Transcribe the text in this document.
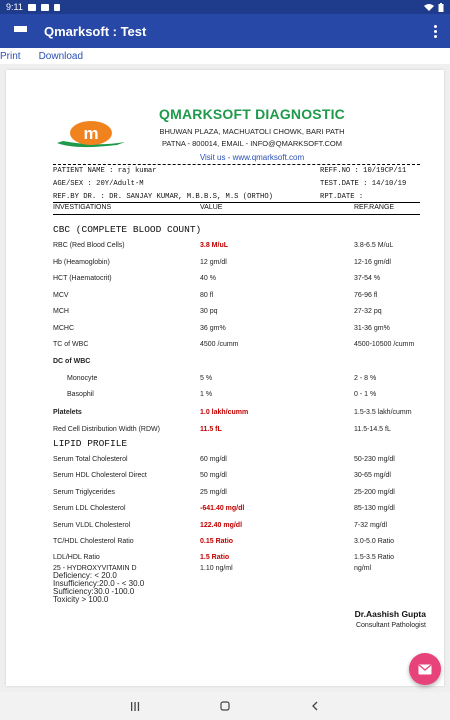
9:11
Qmarksoft : Test
Print Download
m
QMARKSOFT DIAGNOSTIC
BHUWAN PLAZA, MACHUATOLI CHOWK, BARI PATH
PATNA - 800014, EMAIL - INFO@QMARKSOFT.COM
Visit us - www.qmarksoft.com
PATIENT NAME : raj kumar	REFF.NO : 10/19CP/11
AGE/SEX : 20Y/Adult-M	TEST.DATE : 14/10/19
REF.BY DR. : DR. SANJAY KUMAR, M.B.B.S, M.S (ORTHO)	RPT.DATE :
INVESTIGATIONS	VALUE	REF.RANGE
CBC (COMPLETE BLOOD COUNT)
RBC (Red Blood Cells)	3.8 M/uL	3.8-6.5 M/uL
Hb (Heamoglobin)	12 gm/dl	12-16 gm/dl
HCT (Haematocrit)	40 %	37-54 %
MCV	80 fl	76-96 fl
MCH	30 pq	27-32 pq
MCHC	36 gm%	31-36 gm%
TC of WBC	4500 /cumm	4500-10500 /cumm
DC of WBC
Monocyte	5 %	2 - 8 %
Basophil	1 %	0 - 1 %
Platelets	1.0 lakh/cumm	1.5-3.5 lakh/cumm
Red Cell Distribution Width (RDW)	11.5 fL	11.5-14.5 fL
LIPID PROFILE
Serum Total Cholesterol	60 mg/dl	50-230 mg/dl
Serum HDL Cholesterol Direct	50 mg/dl	30-65 mg/dl
Serum Triglycerides	25 mg/dl	25-200 mg/dl
Serum LDL Cholesterol	-641.40 mg/dl	85-130 mg/dl
Serum VLDL Cholesterol	122.40 mg/dl	7-32 mg/dl
TC/HDL Cholesterol Ratio	0.15 Ratio	3.0-5.0 Ratio
LDL/HDL Ratio	1.5 Ratio	1.5-3.5 Ratio
25 - HYDROXYVITAMIN D	1.10 ng/ml	ng/ml
Deficiency: < 20.0
Insufficiency:20.0 - < 30.0
Sufficiency:30.0 -100.0
Toxicity > 100.0
Dr.Aashish Gupta
Consultant Pathologist
